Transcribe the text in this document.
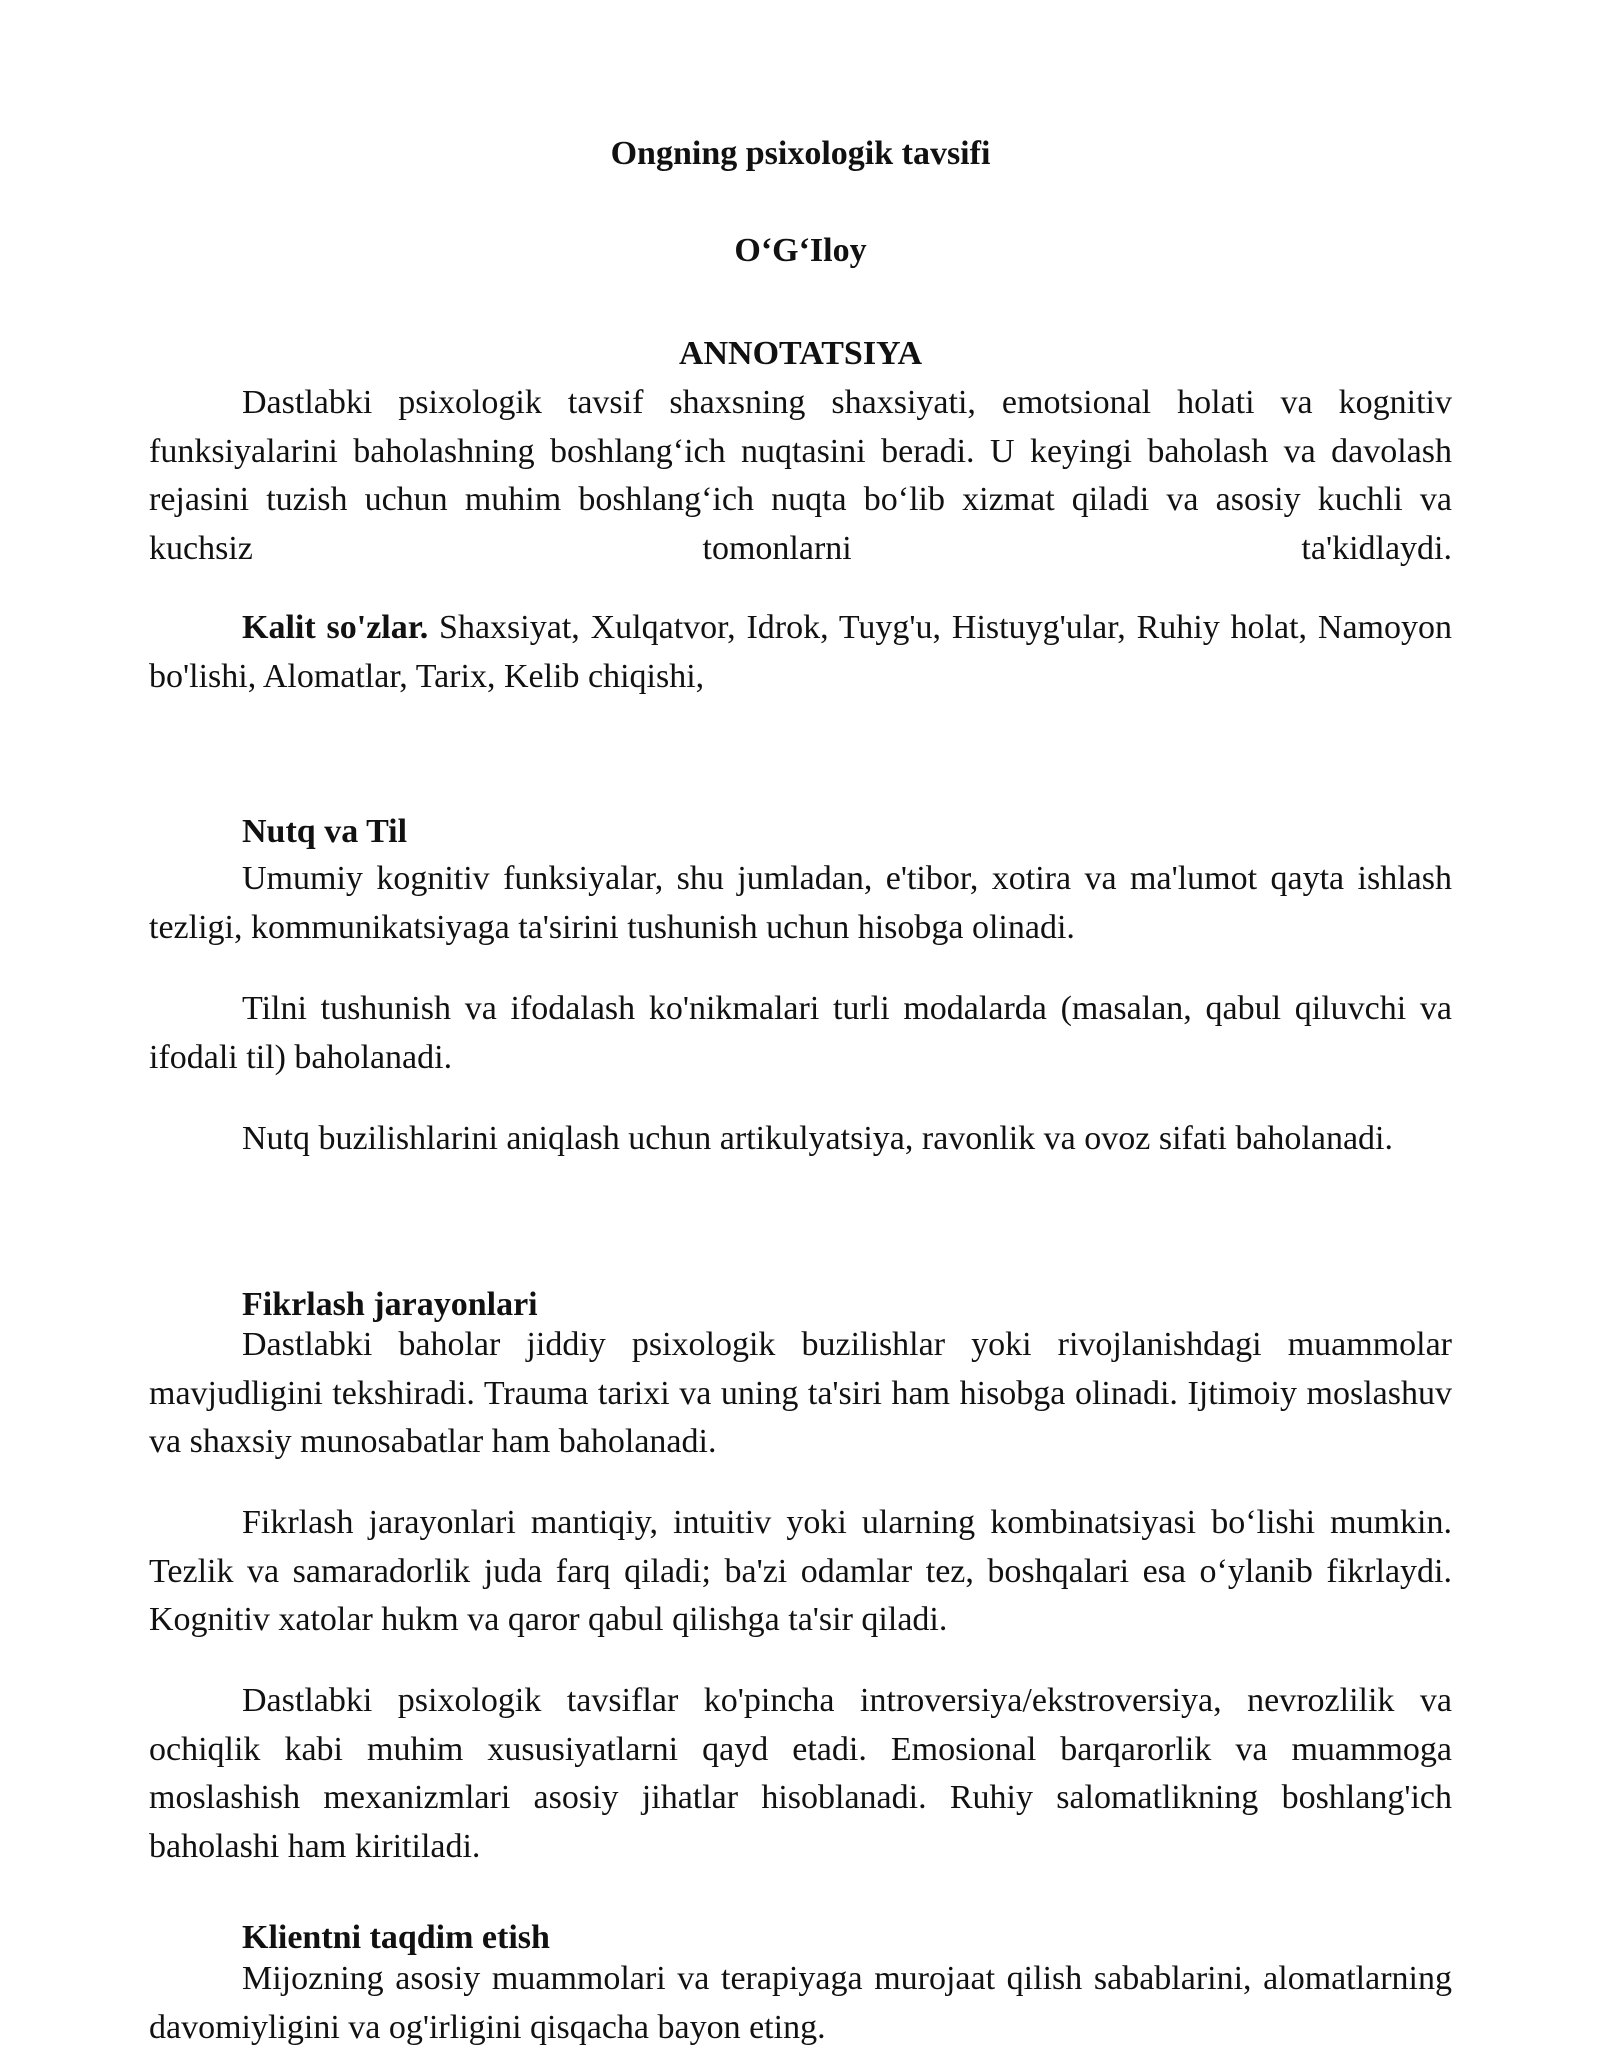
Ongning psixologik tavsifi

O‘G‘Iloy

ANNOTATSIYA

Dastlabki psixologik tavsif shaxsning shaxsiyati, emotsional holati va kognitiv funksiyalarini baholashning boshlang‘ich nuqtasini beradi. U keyingi baholash va davolash rejasini tuzish uchun muhim boshlang‘ich nuqta bo‘lib xizmat qiladi va asosiy kuchli va kuchsiz tomonlarni ta'kidlaydi.

Kalit so'zlar. Shaxsiyat, Xulqatvor, Idrok, Tuyg'u, Histuyg'ular, Ruhiy holat, Namoyon bo'lishi, Alomatlar, Tarix, Kelib chiqishi,

Nutq va Til

Umumiy kognitiv funksiyalar, shu jumladan, e'tibor, xotira va ma'lumot qayta ishlash tezligi, kommunikatsiyaga ta'sirini tushunish uchun hisobga olinadi.

Tilni tushunish va ifodalash ko'nikmalari turli modalarda (masalan, qabul qiluvchi va ifodali til) baholanadi.

Nutq buzilishlarini aniqlash uchun artikulyatsiya, ravonlik va ovoz sifati baholanadi.

Fikrlash jarayonlari

Dastlabki baholar jiddiy psixologik buzilishlar yoki rivojlanishdagi muammolar mavjudligini tekshiradi. Trauma tarixi va uning ta'siri ham hisobga olinadi. Ijtimoiy moslashuv va shaxsiy munosabatlar ham baholanadi.

Fikrlash jarayonlari mantiqiy, intuitiv yoki ularning kombinatsiyasi bo‘lishi mumkin. Tezlik va samaradorlik juda farq qiladi; ba'zi odamlar tez, boshqalari esa o‘ylanib fikrlaydi. Kognitiv xatolar hukm va qaror qabul qilishga ta'sir qiladi.

Dastlabki psixologik tavsiflar ko'pincha introversiya/ekstroversiya, nevrozlilik va ochiqlik kabi muhim xususiyatlarni qayd etadi. Emosional barqarorlik va muammoga moslashish mexanizmlari asosiy jihatlar hisoblanadi. Ruhiy salomatlikning boshlang'ich baholashi ham kiritiladi.

Klientni taqdim etish

Mijozning asosiy muammolari va terapiyaga murojaat qilish sabablarini, alomatlarning davomiyligini va og'irligini qisqacha bayon eting.
